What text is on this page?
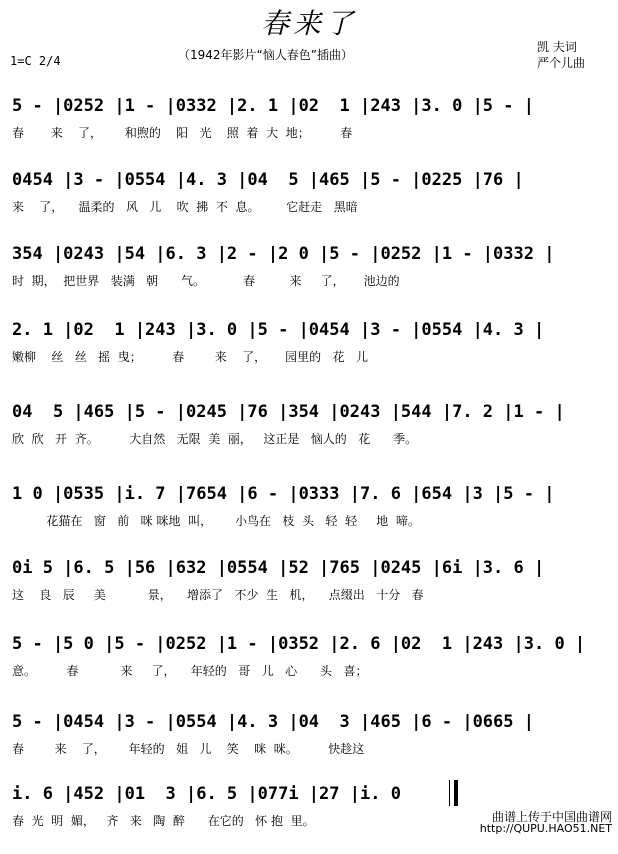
春来了
（1942年影片“恼人春色”插曲）
1=C 2/4
凯 夫词
严个儿曲
5 - |0252 |1 - |0332 |2. 1 |02  1 |243 |3. 0 |5 - |
春       来    了，      和煦的    阳   光    照  着  大  地；        春
0454 |3 - |0554 |4. 3 |04  5 |465 |5 - |0225 |76 |
来    了，    温柔的   风   儿    吹  拂  不  息。       它赶走   黑暗
354 |0243 |54 |6. 3 |2 - |2 0 |5 - |0252 |1 - |0332 |
时  期，  把世界   装满   朝      气。          春         来     了，     池边的
2. 1 |02  1 |243 |3. 0 |5 - |0454 |3 - |0554 |4. 3 |
嫩柳    丝   丝   摇  曳；        春        来    了，     园里的   花   儿
04  5 |465 |5 - |0245 |76 |354 |0243 |544 |7. 2 |1 - |
欣  欣   开  齐。        大自然   无限  美  丽，   这正是   恼人的   花      季。
1 0 |0535 |i. 7 |7654 |6 - |0333 |7. 6 |654 |3 |5 - |
花猫在   窗   前   咪 咪地  叫，      小鸟在   枝  头   轻  轻     地  啼。
0i 5 |6. 5 |56 |632 |0554 |52 |765 |0245 |6i |3. 6 |
这    良   辰     美           景，    增添了   不少  生   机，    点缀出   十分   春
5 - |5 0 |5 - |0252 |1 - |0352 |2. 6 |02  1 |243 |3. 0 |
意。        春           来     了，    年轻的   哥   儿   心      头   喜；
5 - |0454 |3 - |0554 |4. 3 |04  3 |465 |6 - |0665 |
春        来    了，      年轻的   姐   儿    笑    咪  咪。        快趁这
i. 6 |452 |01  3 |6. 5 |077i |27 |i. 0
春  光  明  媚，   齐   来   陶  醉      在它的   怀 抱  里。	曲谱上传于中国曲谱网
http://QUPU.HAO51.NET
